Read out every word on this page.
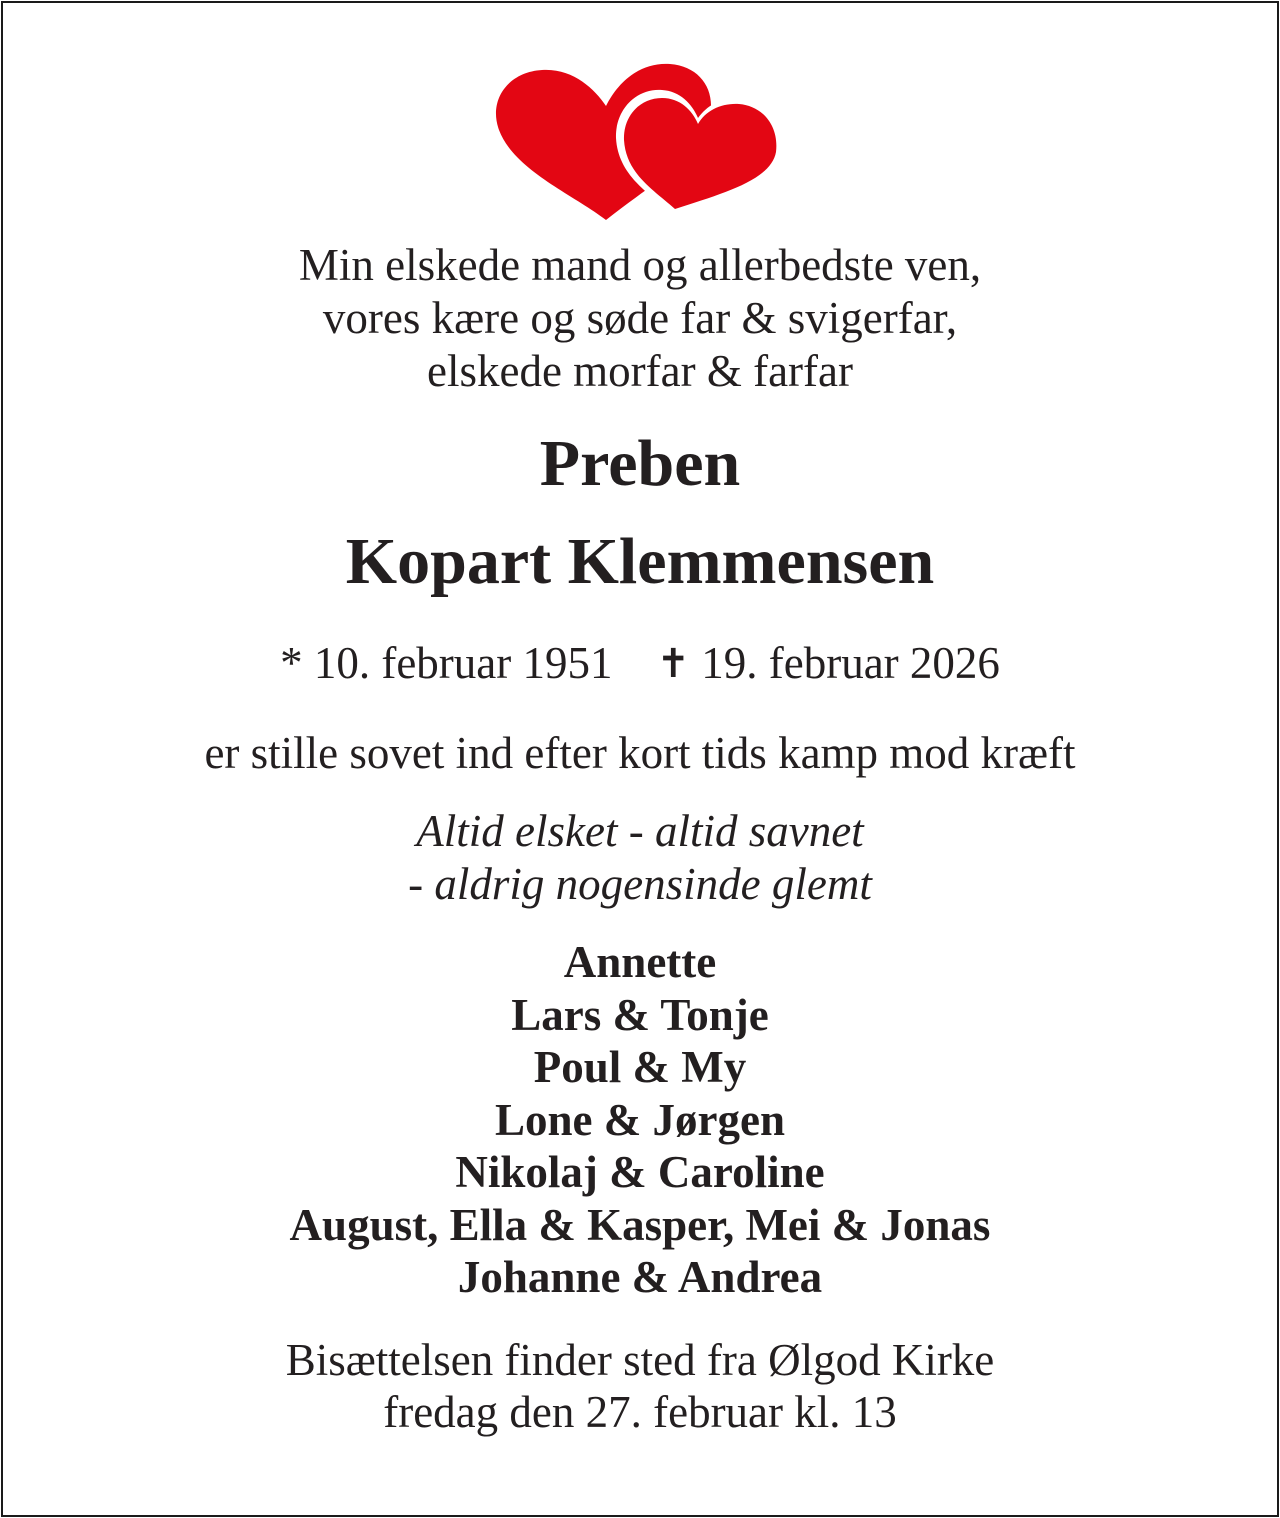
Min elskede mand og allerbedste ven,
vores kære og søde far & svigerfar,
elskede morfar & farfar
Preben
Kopart Klemmensen
* 10. februar 1951 ✝ 19. februar 2026
er stille sovet ind efter kort tids kamp mod kræft
Altid elsket - altid savnet
- aldrig nogensinde glemt
Annette
Lars & Tonje
Poul & My
Lone & Jørgen
Nikolaj & Caroline
August, Ella & Kasper, Mei & Jonas
Johanne & Andrea
Bisættelsen finder sted fra Ølgod Kirke
fredag den 27. februar kl. 13
